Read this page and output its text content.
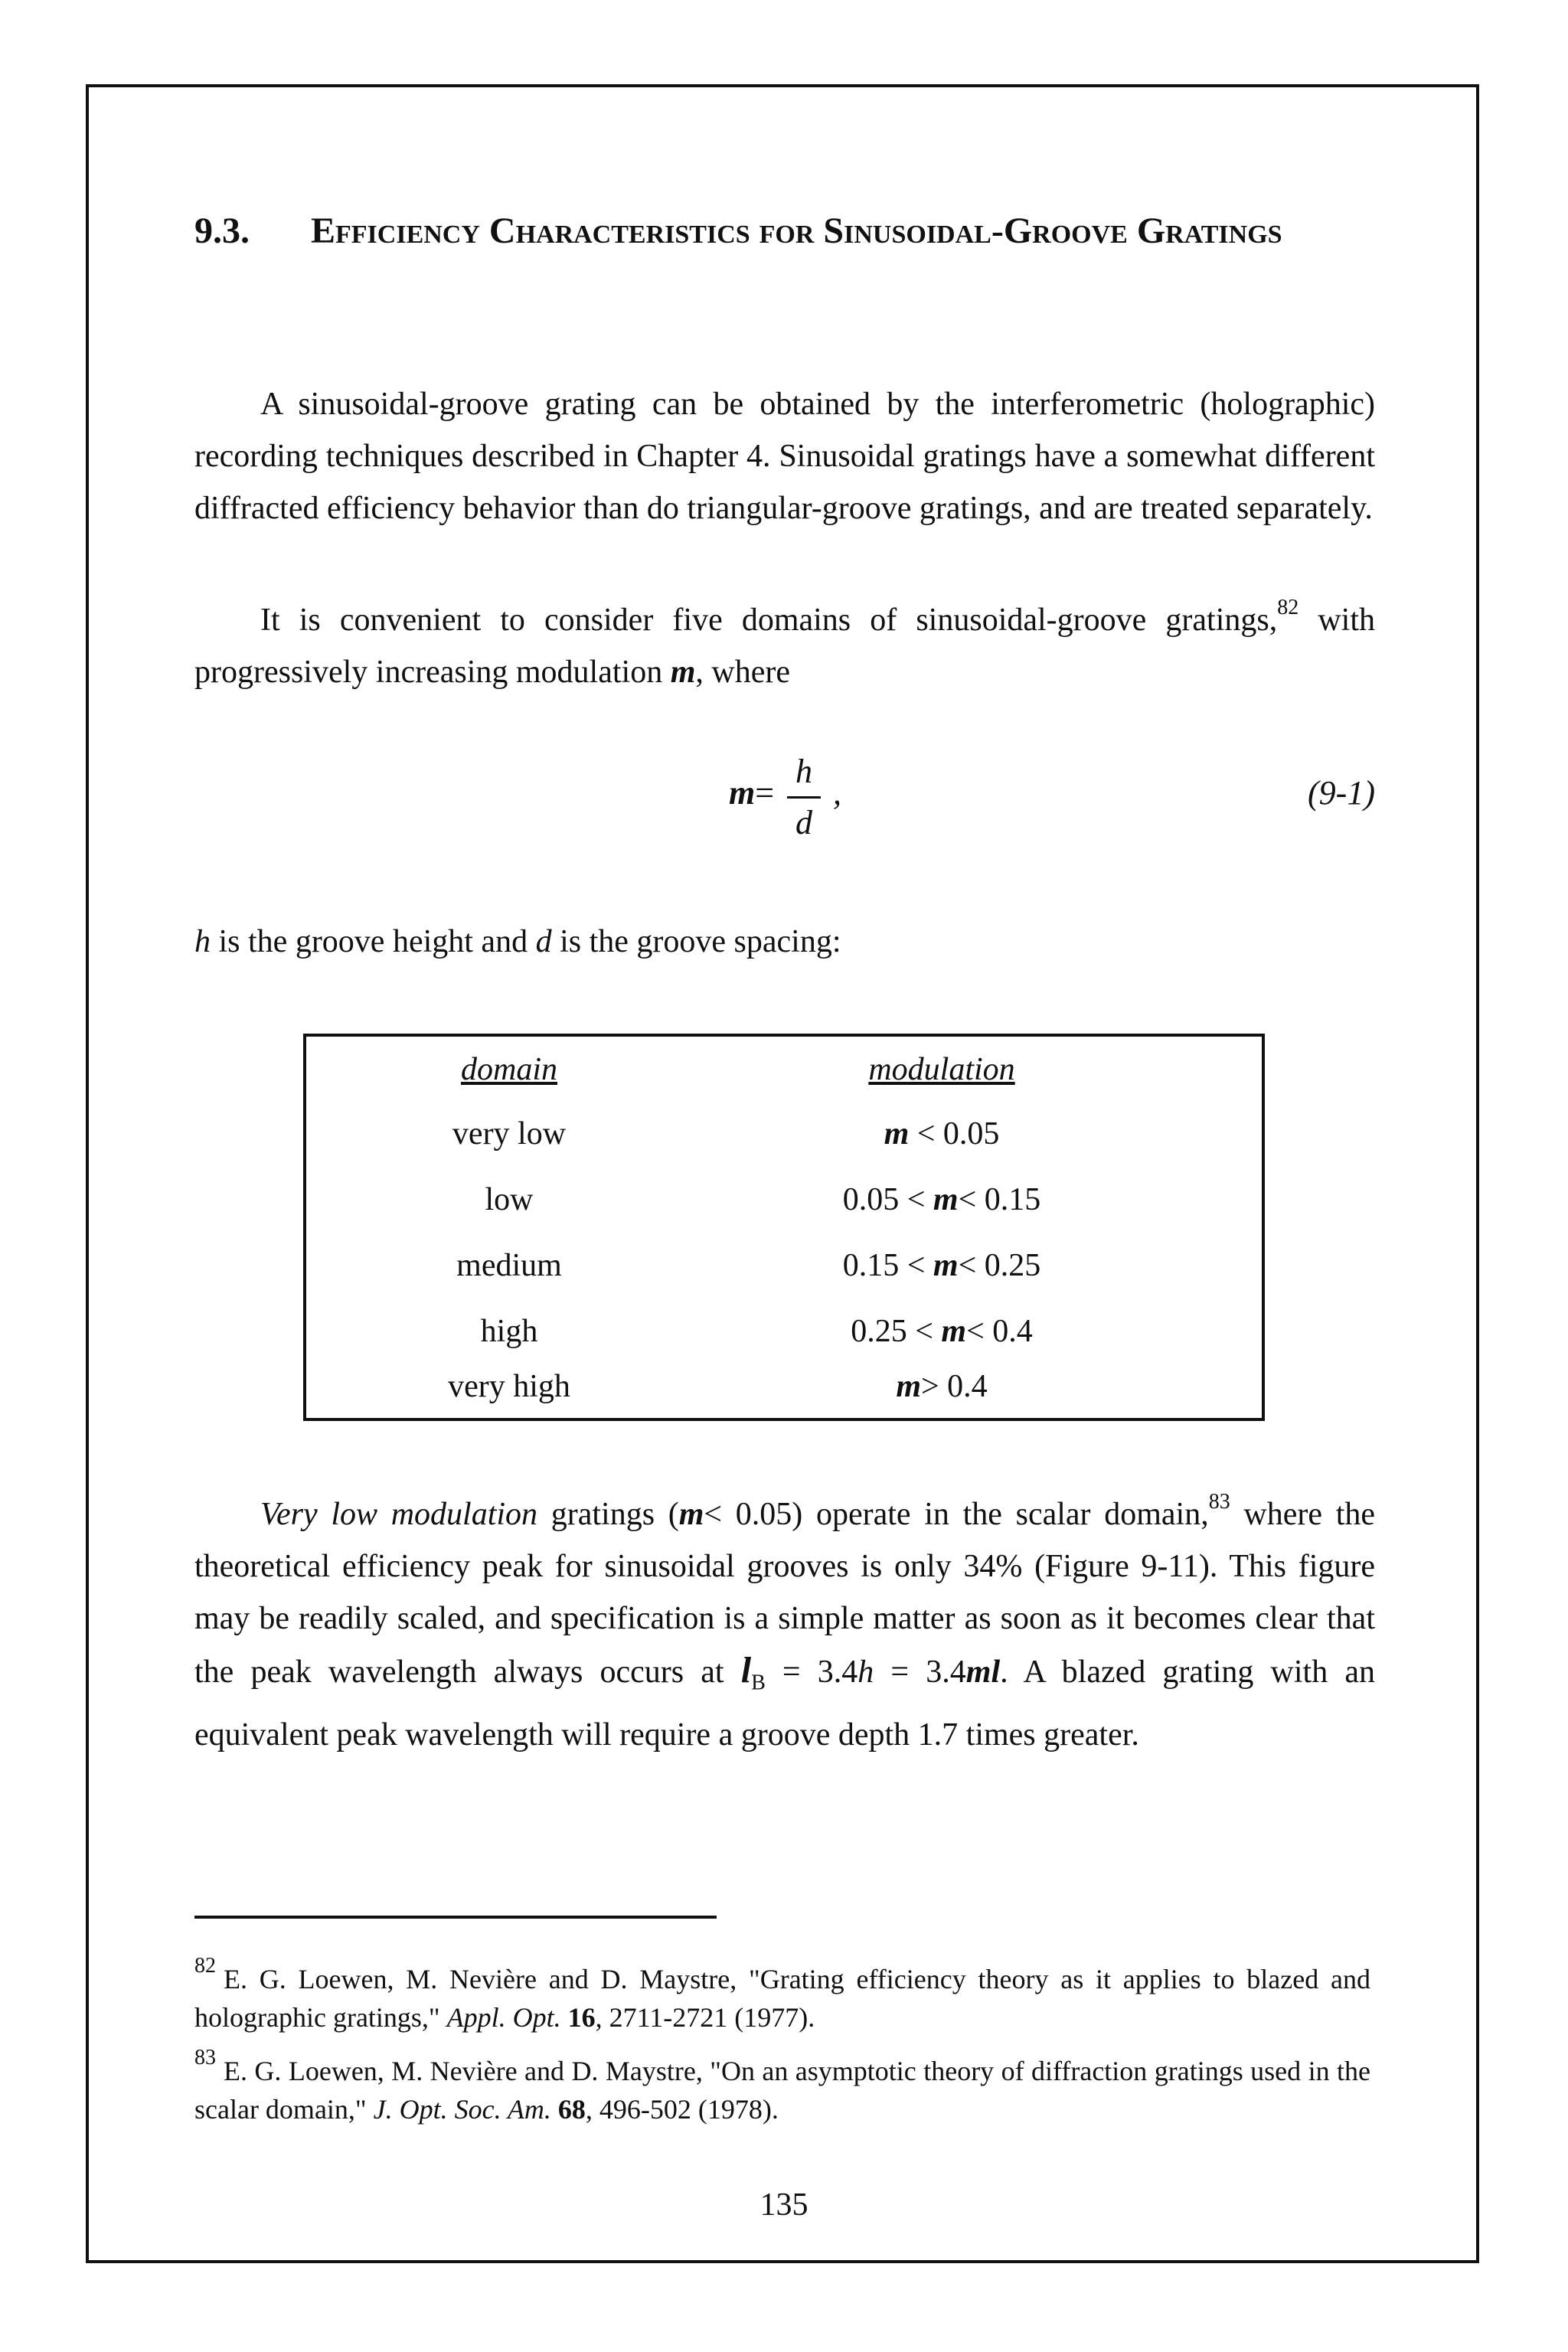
9.3. Efficiency Characteristics for Sinusoidal-Groove Gratings
A sinusoidal-groove grating can be obtained by the interferometric (holographic) recording techniques described in Chapter 4. Sinusoidal gratings have a somewhat different diffracted efficiency behavior than do triangular-groove gratings, and are treated separately.
It is convenient to consider five domains of sinusoidal-groove gratings,$^{82}$ with progressively increasing modulation m, where
m=
h
d
,	(9-1)
h is the groove height and d is the groove spacing:
domain	modulation
very low	m < 0.05
low	0.05 < m< 0.15
medium	0.15 < m< 0.25
high	0.25 < m< 0.4
very high	m> 0.4
Very low modulation gratings (m< 0.05) operate in the scalar domain,$^{83}$ where the theoretical efficiency peak for sinusoidal grooves is only 34% (Figure 9-11). This figure may be readily scaled, and specification is a simple matter as soon as it becomes clear that the peak wavelength always occurs at $l_B = 3.4h = 3.4ml$. A blazed grating with an equivalent peak wavelength will require a groove depth 1.7 times greater.
$^{82}$ E. G. Loewen, M. Nevière and D. Maystre, "Grating efficiency theory as it applies to blazed and holographic gratings," Appl. Opt. 16, 2711-2721 (1977).
$^{83}$ E. G. Loewen, M. Nevière and D. Maystre, "On an asymptotic theory of diffraction gratings used in the scalar domain," J. Opt. Soc. Am. 68, 496-502 (1978).
135
